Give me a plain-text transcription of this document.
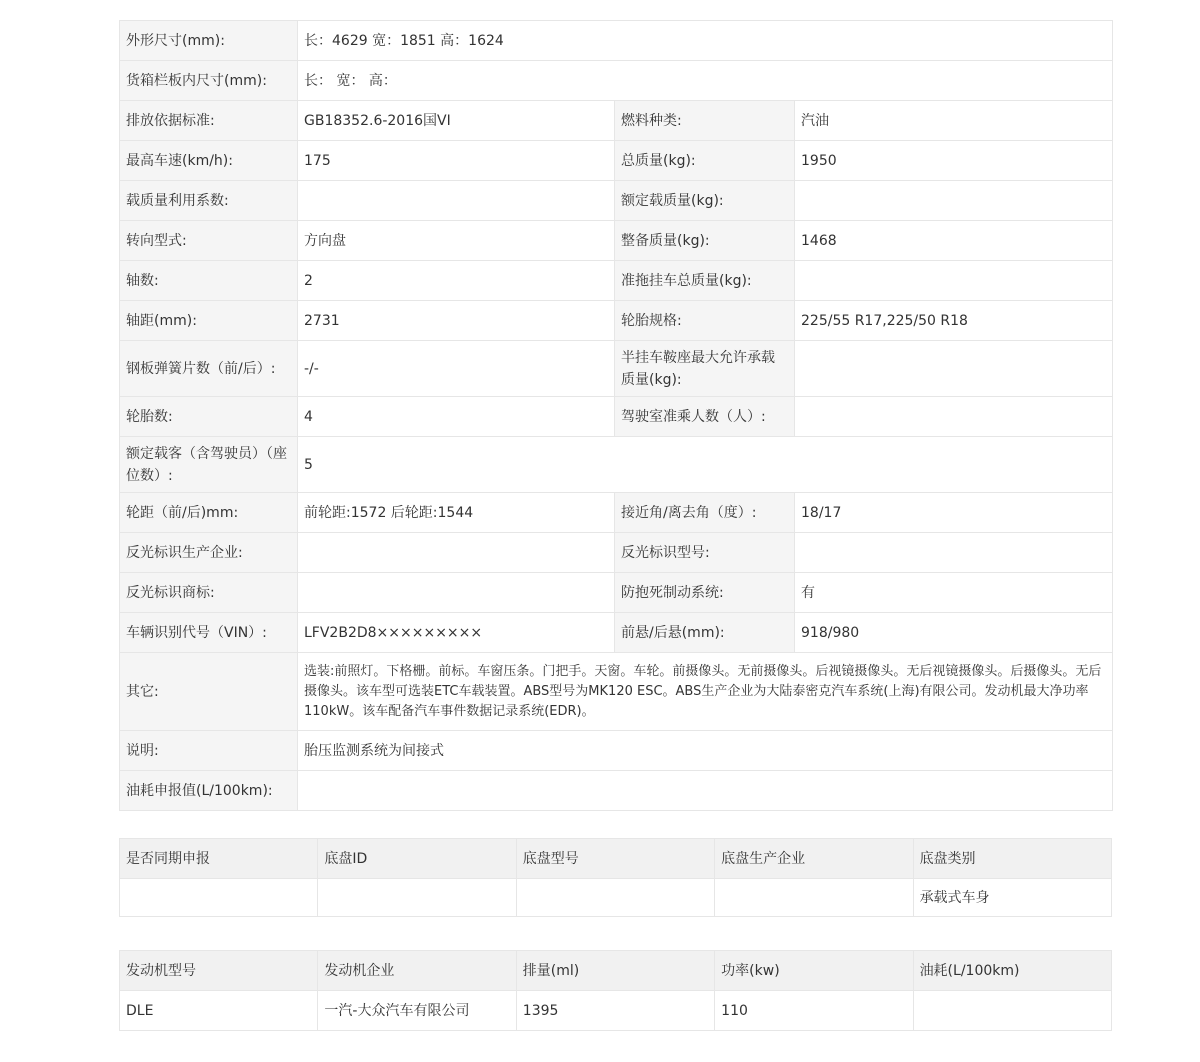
外形尺寸(mm):	长：4629 宽：1851 高：1624		
货箱栏板内尺寸(mm):	长： 宽： 高：		
排放依据标准:	GB18352.6-2016国VI	燃料种类:	汽油
最高车速(km/h):	175	总质量(kg):	1950
载质量利用系数:		额定载质量(kg):	
转向型式:	方向盘	整备质量(kg):	1468
轴数:	2	准拖挂车总质量(kg):	
轴距(mm):	2731	轮胎规格:	225/55 R17,225/50 R18
钢板弹簧片数（前/后）:	-/-	半挂车鞍座最大允许承载质量(kg):	
轮胎数:	4	驾驶室准乘人数（人）:	
额定载客（含驾驶员）（座位数）:	5		
轮距（前/后)mm:	前轮距:1572 后轮距:1544	接近角/离去角（度）:	18/17
反光标识生产企业:		反光标识型号:	
反光标识商标:		防抱死制动系统:	有
车辆识别代号（VIN）:	LFV2B2D8×××××××××	前悬/后悬(mm):	918/980
其它:	选装:前照灯。下格栅。前标。车窗压条。门把手。天窗。车轮。前摄像头。无前摄像头。后视镜摄像头。无后视镜摄像头。后摄像头。无后摄像头。该车型可选装ETC车载装置。ABS型号为MK120 ESC。ABS生产企业为大陆泰密克汽车系统(上海)有限公司。发动机最大净功率110kW。该车配备汽车事件数据记录系统(EDR)。		
说明:	胎压监测系统为间接式		
油耗申报值(L/100km):			
是否同期申报	底盘ID	底盘型号	底盘生产企业	底盘类别
				承载式车身
发动机型号	发动机企业	排量(ml)	功率(kw)	油耗(L/100km)
DLE	一汽-大众汽车有限公司	1395	110	
